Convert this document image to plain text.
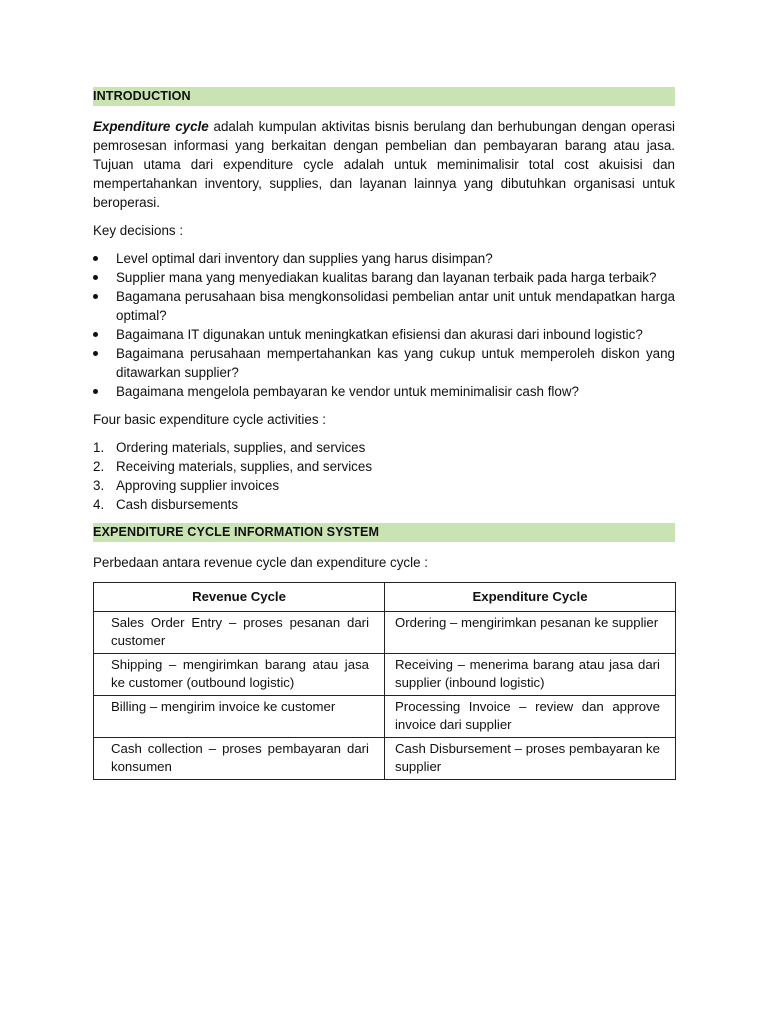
INTRODUCTION

Expenditure cycle adalah kumpulan aktivitas bisnis berulang dan berhubungan dengan operasi pemrosesan informasi yang berkaitan dengan pembelian dan pembayaran barang atau jasa. Tujuan utama dari expenditure cycle adalah untuk meminimalisir total cost akuisisi dan mempertahankan inventory, supplies, dan layanan lainnya yang dibutuhkan organisasi untuk beroperasi.

Key decisions :

Level optimal dari inventory dan supplies yang harus disimpan?
Supplier mana yang menyediakan kualitas barang dan layanan terbaik pada harga terbaik?
Bagamana perusahaan bisa mengkonsolidasi pembelian antar unit untuk mendapatkan harga optimal?
Bagaimana IT digunakan untuk meningkatkan efisiensi dan akurasi dari inbound logistic?
Bagaimana perusahaan mempertahankan kas yang cukup untuk memperoleh diskon yang ditawarkan supplier?
Bagaimana mengelola pembayaran ke vendor untuk meminimalisir cash flow?

Four basic expenditure cycle activities :

1. Ordering materials, supplies, and services
2. Receiving materials, supplies, and services
3. Approving supplier invoices
4. Cash disbursements
EXPENDITURE CYCLE INFORMATION SYSTEM

Perbedaan antara revenue cycle dan expenditure cycle :

Revenue Cycle	Expenditure Cycle
Sales Order Entry – proses pesanan dari customer	Ordering – mengirimkan pesanan ke supplier
Shipping – mengirimkan barang atau jasa ke customer (outbound logistic)	Receiving – menerima barang atau jasa dari supplier (inbound logistic)
Billing – mengirim invoice ke customer	Processing Invoice – review dan approve invoice dari supplier
Cash collection – proses pembayaran dari konsumen	Cash Disbursement – proses pembayaran ke supplier
